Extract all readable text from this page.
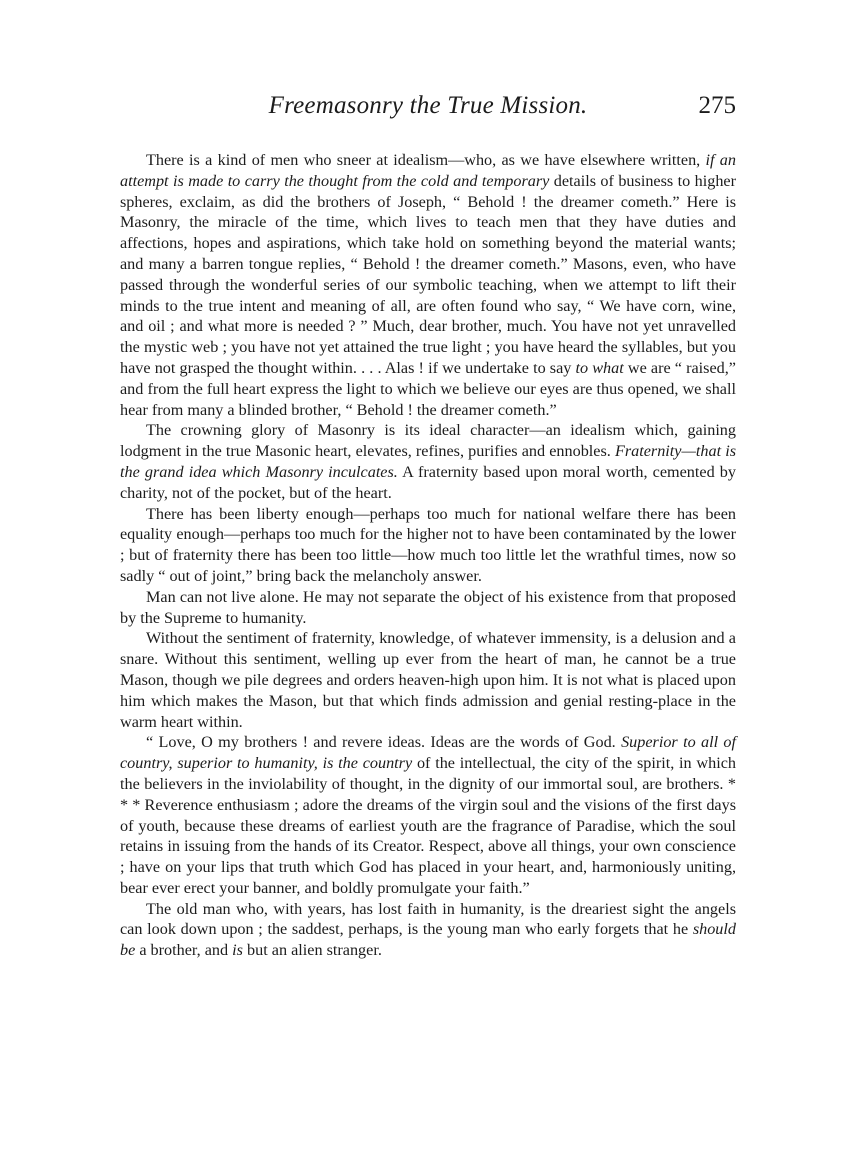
Freemasonry the True Mission.	275

There is a kind of men who sneer at idealism—who, as we have elsewhere written, if an attempt is made to carry the thought from the cold and temporary details of business to higher spheres, exclaim, as did the brothers of Joseph, “ Behold ! the dreamer cometh.” Here is Masonry, the miracle of the time, which lives to teach men that they have duties and affections, hopes and aspirations, which take hold on something beyond the material wants; and many a barren tongue replies, “ Behold ! the dreamer cometh.” Masons, even, who have passed through the wonderful series of our symbolic teaching, when we attempt to lift their minds to the true intent and meaning of all, are often found who say, “ We have corn, wine, and oil ; and what more is needed ? ” Much, dear brother, much. You have not yet unravelled the mystic web ; you have not yet attained the true light ; you have heard the syllables, but you have not grasped the thought within. . . . Alas ! if we undertake to say to what we are “ raised,” and from the full heart express the light to which we believe our eyes are thus opened, we shall hear from many a blinded brother, “ Behold ! the dreamer cometh.”

The crowning glory of Masonry is its ideal character—an idealism which, gaining lodgment in the true Masonic heart, elevates, refines, purifies and ennobles. Fraternity—that is the grand idea which Masonry inculcates. A fraternity based upon moral worth, cemented by charity, not of the pocket, but of the heart.

There has been liberty enough—perhaps too much for national welfare there has been equality enough—perhaps too much for the higher not to have been contaminated by the lower ; but of fraternity there has been too little—how much too little let the wrathful times, now so sadly “ out of joint,” bring back the melancholy answer.

Man can not live alone. He may not separate the object of his existence from that proposed by the Supreme to humanity.

Without the sentiment of fraternity, knowledge, of whatever immensity, is a delusion and a snare. Without this sentiment, welling up ever from the heart of man, he cannot be a true Mason, though we pile degrees and orders heaven-high upon him. It is not what is placed upon him which makes the Mason, but that which finds admission and genial resting-place in the warm heart within.

“ Love, O my brothers ! and revere ideas. Ideas are the words of God. Superior to all of country, superior to humanity, is the country of the intellectual, the city of the spirit, in which the believers in the inviolability of thought, in the dignity of our immortal soul, are brothers. * * * Reverence enthusiasm ; adore the dreams of the virgin soul and the visions of the first days of youth, because these dreams of earliest youth are the fragrance of Paradise, which the soul retains in issuing from the hands of its Creator. Respect, above all things, your own conscience ; have on your lips that truth which God has placed in your heart, and, harmoniously uniting, bear ever erect your banner, and boldly promulgate your faith.”

The old man who, with years, has lost faith in humanity, is the dreariest sight the angels can look down upon ; the saddest, perhaps, is the young man who early forgets that he should be a brother, and is but an alien stranger.
